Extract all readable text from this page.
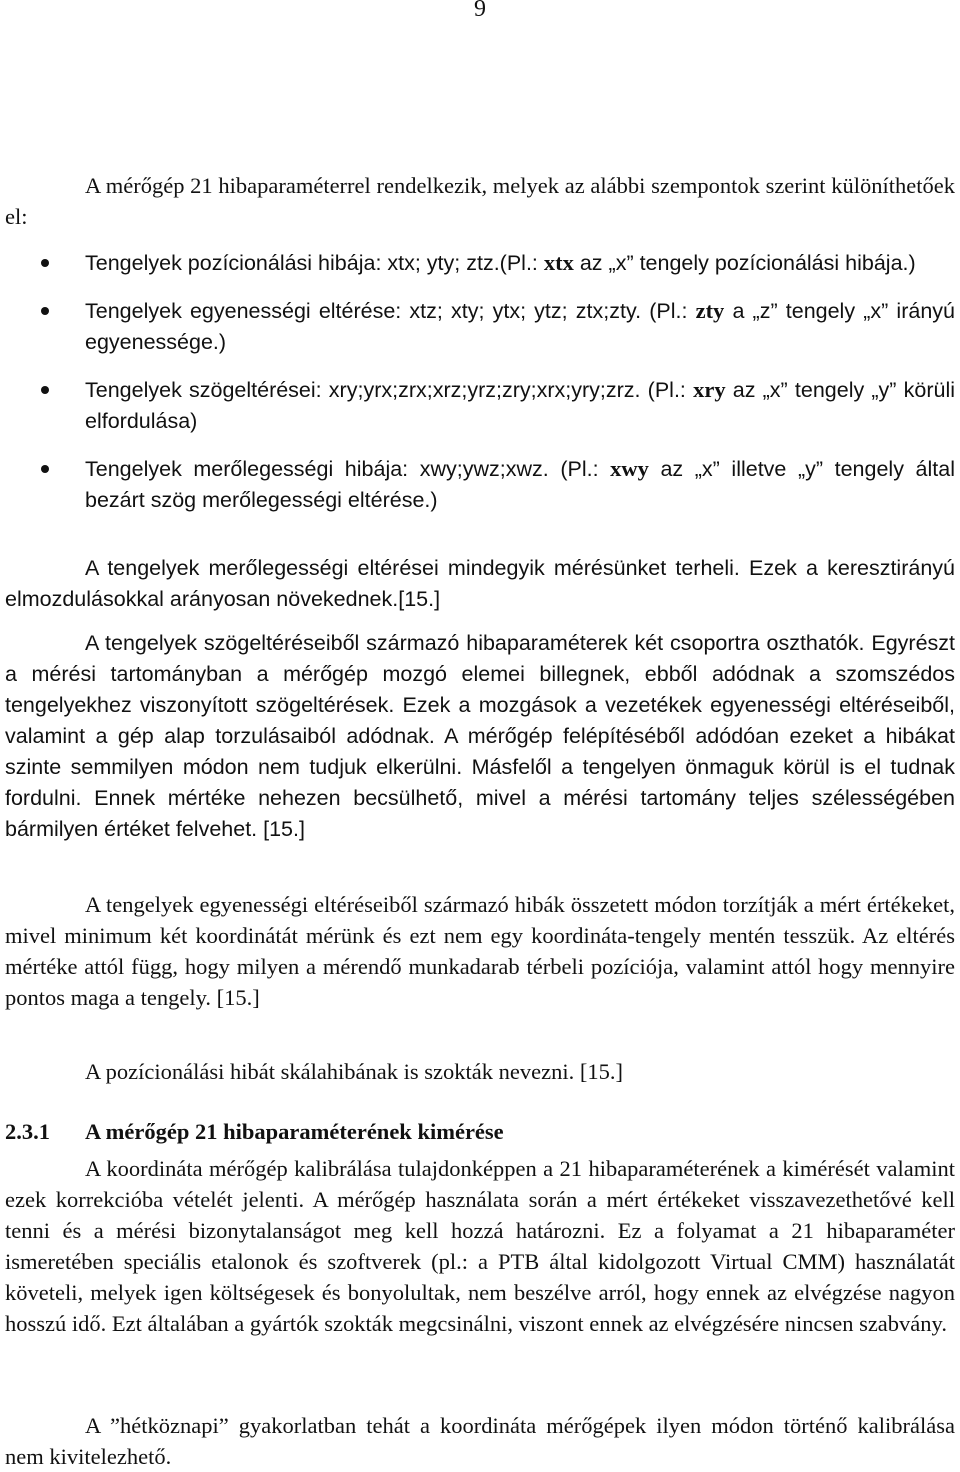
9

A mérőgép 21 hibaparaméterrel rendelkezik, melyek az alábbi szempontok szerint különíthetőek el:

Tengelyek pozícionálási hibája: xtx; yty; ztz.(Pl.: xtx az „x” tengely pozícionálási hibája.)
Tengelyek egyenességi eltérése: xtz; xty; ytx; ytz; ztx;zty. (Pl.: zty a „z” tengely „x” irányú egyenessége.)
Tengelyek szögeltérései: xry;yrx;zrx;xrz;yrz;zry;xrx;yry;zrz. (Pl.: xry az „x” tengely „y” körüli elfordulása)
Tengelyek merőlegességi hibája: xwy;ywz;xwz. (Pl.: xwy az „x” illetve „y” tengely által bezárt szög merőlegességi eltérése.)

A tengelyek merőlegességi eltérései mindegyik mérésünket terheli. Ezek a keresztirányú elmozdulásokkal arányosan növekednek.[15.]

A tengelyek szögeltéréseiből származó hibaparaméterek két csoportra oszthatók. Egyrészt a mérési tartományban a mérőgép mozgó elemei billegnek, ebből adódnak a szomszédos tengelyekhez viszonyított szögeltérések. Ezek a mozgások a vezetékek egyenességi eltéréseiből, valamint a gép alap torzulásaiból adódnak. A mérőgép felépítéséből adódóan ezeket a hibákat szinte semmilyen módon nem tudjuk elkerülni. Másfelől a tengelyen önmaguk körül is el tudnak fordulni. Ennek mértéke nehezen becsülhető, mivel a mérési tartomány teljes szélességében bármilyen értéket felvehet. [15.]

A tengelyek egyenességi eltéréseiből származó hibák összetett módon torzítják a mért értékeket, mivel minimum két koordinátát mérünk és ezt nem egy koordináta-tengely mentén tesszük. Az eltérés mértéke attól függ, hogy milyen a mérendő munkadarab térbeli pozíciója, valamint attól hogy mennyire pontos maga a tengely. [15.]

A pozícionálási hibát skálahibának is szokták nevezni. [15.]

2.3.1 A mérőgép 21 hibaparaméterének kimérése

A koordináta mérőgép kalibrálása tulajdonképpen a 21 hibaparaméterének a kimérését valamint ezek korrekcióba vételét jelenti. A mérőgép használata során a mért értékeket visszavezethetővé kell tenni és a mérési bizonytalanságot meg kell hozzá határozni. Ez a folyamat a 21 hibaparaméter ismeretében speciális etalonok és szoftverek (pl.: a PTB által kidolgozott Virtual CMM) használatát követeli, melyek igen költségesek és bonyolultak, nem beszélve arról, hogy ennek az elvégzése nagyon hosszú idő. Ezt általában a gyártók szokták megcsinálni, viszont ennek az elvégzésére nincsen szabvány.

A ”hétköznapi” gyakorlatban tehát a koordináta mérőgépek ilyen módon történő kalibrálása nem kivitelezhető.
